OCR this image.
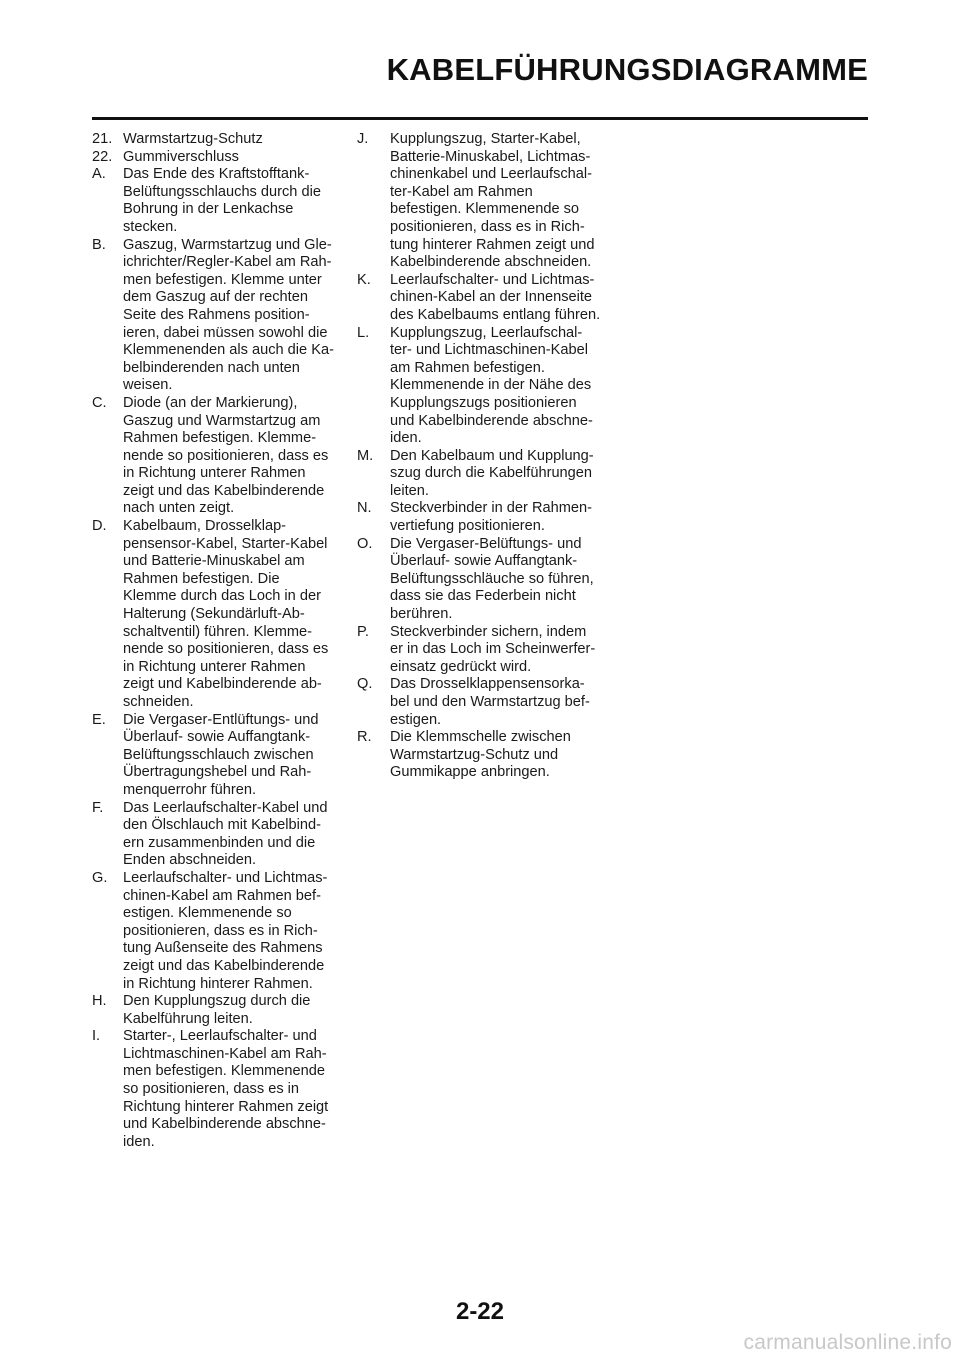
KABELFÜHRUNGSDIAGRAMME
21. Warmstartzug-Schutz
22. Gummiverschluss
A.	Das Ende des Kraftstofftank-
Belüftungsschlauchs durch die
Bohrung in der Lenkachse
stecken.
B.	Gaszug, Warmstartzug und Gle-
ichrichter/Regler-Kabel am Rah-
men befestigen. Klemme unter
dem Gaszug auf der rechten
Seite des Rahmens position-
ieren, dabei müssen sowohl die
Klemmenenden als auch die Ka-
belbinderenden nach unten
weisen.
C.	Diode (an der Markierung),
Gaszug und Warmstartzug am
Rahmen befestigen. Klemme-
nende so positionieren, dass es
in Richtung unterer Rahmen
zeigt und das Kabelbinderende
nach unten zeigt.
D.	Kabelbaum, Drosselklap-
pensensor-Kabel, Starter-Kabel
und Batterie-Minuskabel am
Rahmen befestigen. Die
Klemme durch das Loch in der
Halterung (Sekundärluft-Ab-
schaltventil) führen. Klemme-
nende so positionieren, dass es
in Richtung unterer Rahmen
zeigt und Kabelbinderende ab-
schneiden.
E.	Die Vergaser-Entlüftungs- und
Überlauf- sowie Auffangtank-
Belüftungsschlauch zwischen
Übertragungshebel und Rah-
menquerrohr führen.
F.	Das Leerlaufschalter-Kabel und
den Ölschlauch mit Kabelbind-
ern zusammenbinden und die
Enden abschneiden.
G.	Leerlaufschalter- und Lichtmas-
chinen-Kabel am Rahmen bef-
estigen. Klemmenende so
positionieren, dass es in Rich-
tung Außenseite des Rahmens
zeigt und das Kabelbinderende
in Richtung hinterer Rahmen.
H.	Den Kupplungszug durch die
Kabelführung leiten.
I.	Starter-, Leerlaufschalter- und
Lichtmaschinen-Kabel am Rah-
men befestigen. Klemmenende
so positionieren, dass es in
Richtung hinterer Rahmen zeigt
und Kabelbinderende abschne-
iden.
J.	Kupplungszug, Starter-Kabel,
Batterie-Minuskabel, Lichtmas-
chinenkabel und Leerlaufschal-
ter-Kabel am Rahmen
befestigen. Klemmenende so
positionieren, dass es in Rich-
tung hinterer Rahmen zeigt und
Kabelbinderende abschneiden.
K.	Leerlaufschalter- und Lichtmas-
chinen-Kabel an der Innenseite
des Kabelbaums entlang führen.
L.	Kupplungszug, Leerlaufschal-
ter- und Lichtmaschinen-Kabel
am Rahmen befestigen.
Klemmenende in der Nähe des
Kupplungszugs positionieren
und Kabelbinderende abschne-
iden.
M.	Den Kabelbaum und Kupplung-
szug durch die Kabelführungen
leiten.
N.	Steckverbinder in der Rahmen-
vertiefung positionieren.
O.	Die Vergaser-Belüftungs- und
Überlauf- sowie Auffangtank-
Belüftungsschläuche so führen,
dass sie das Federbein nicht
berühren.
P.	Steckverbinder sichern, indem
er in das Loch im Scheinwerfer-
einsatz gedrückt wird.
Q.	Das Drosselklappensensorka-
bel und den Warmstartzug bef-
estigen.
R.	Die Klemmschelle zwischen
Warmstartzug-Schutz und
Gummikappe anbringen.
2-22
carmanualsonline.info
